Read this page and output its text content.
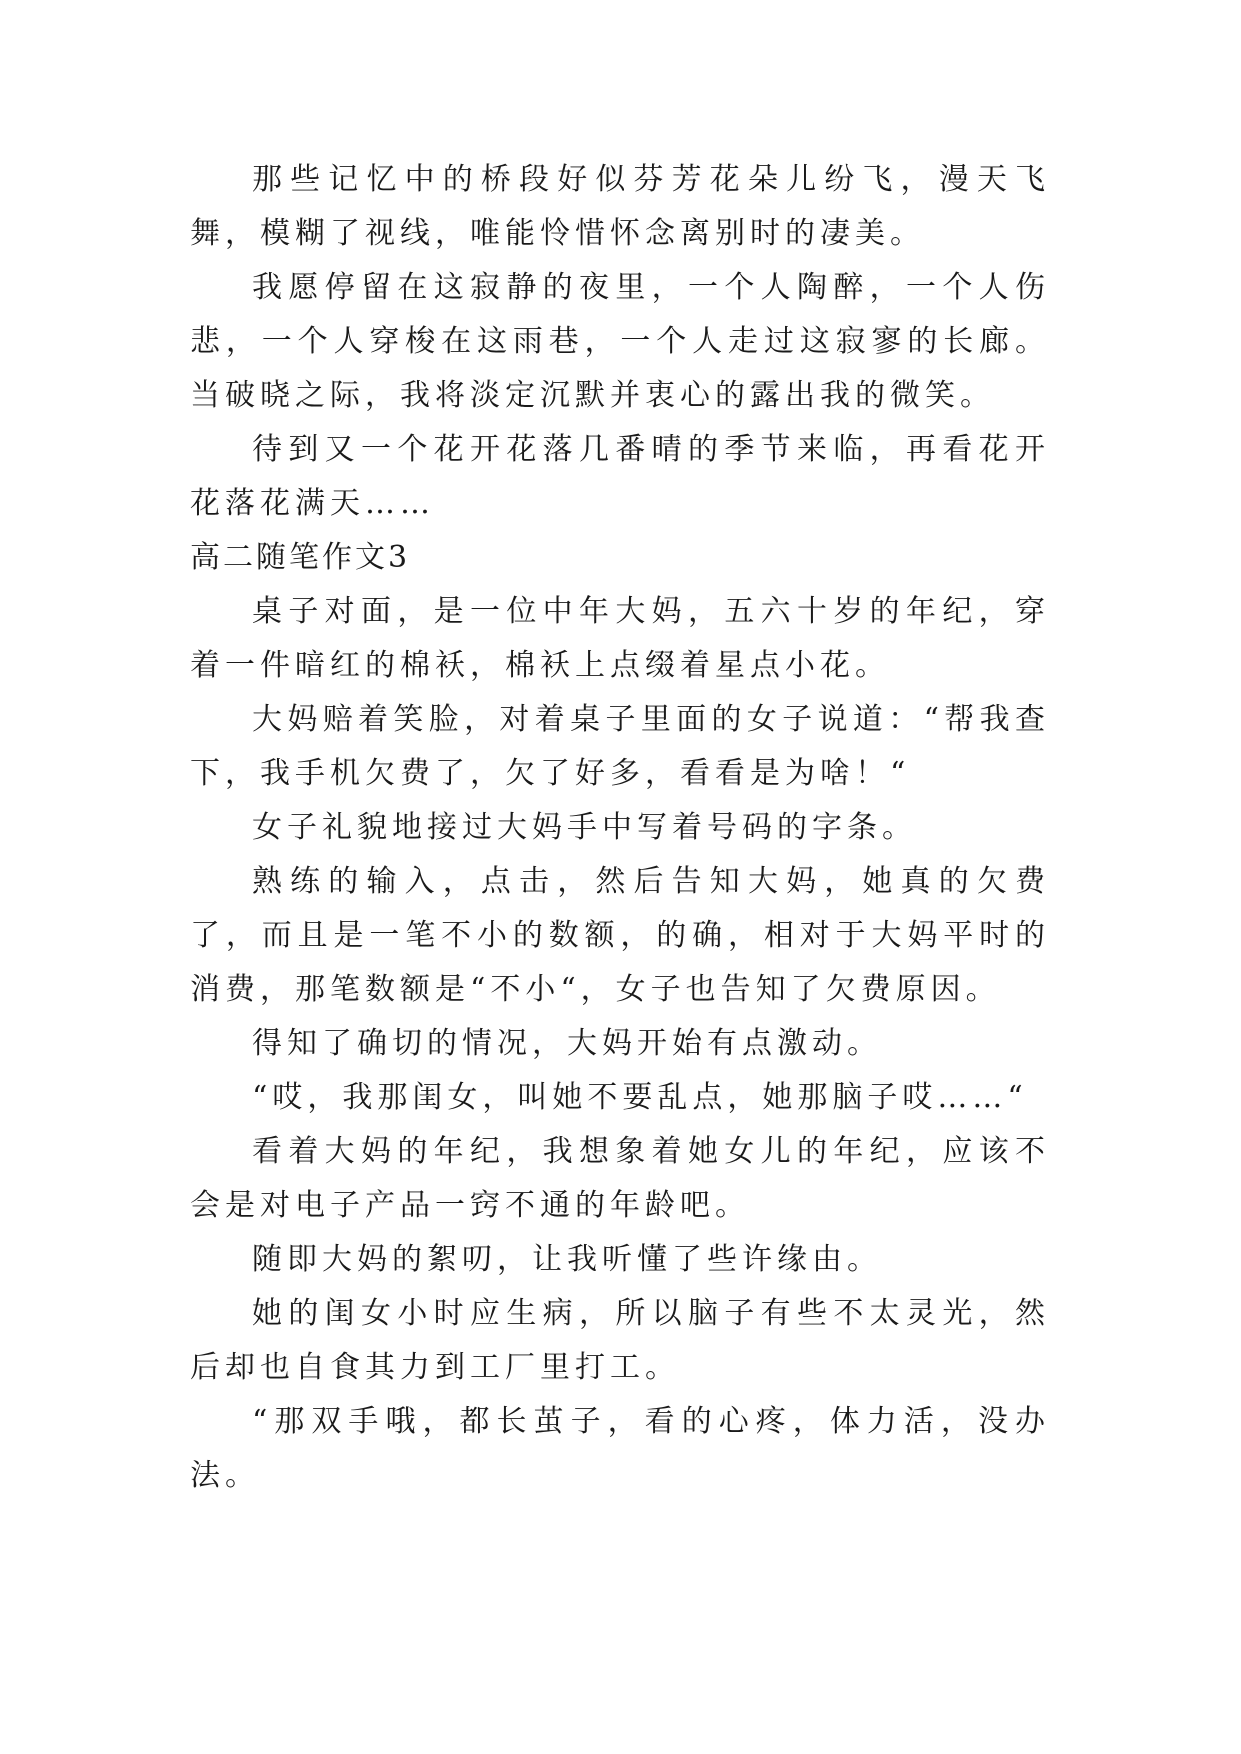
那些记忆中的桥段好似芬芳花朵儿纷飞，漫天飞舞，模糊了视线，唯能怜惜怀念离别时的凄美。

我愿停留在这寂静的夜里，一个人陶醉，一个人伤悲，一个人穿梭在这雨巷，一个人走过这寂寥的长廊。当破晓之际，我将淡定沉默并衷心的露出我的微笑。

待到又一个花开花落几番晴的季节来临，再看花开花落花满天……

高二随笔作文3

桌子对面，是一位中年大妈，五六十岁的年纪，穿着一件暗红的棉袄，棉袄上点缀着星点小花。

大妈赔着笑脸，对着桌子里面的女子说道：“帮我查下，我手机欠费了，欠了好多，看看是为啥！“

女子礼貌地接过大妈手中写着号码的字条。

熟练的输入，点击，然后告知大妈，她真的欠费了，而且是一笔不小的数额，的确，相对于大妈平时的消费，那笔数额是“不小“，女子也告知了欠费原因。

得知了确切的情况，大妈开始有点激动。

“哎，我那闺女，叫她不要乱点，她那脑子哎……“

看着大妈的年纪，我想象着她女儿的年纪，应该不会是对电子产品一窍不通的年龄吧。

随即大妈的絮叨，让我听懂了些许缘由。

她的闺女小时应生病，所以脑子有些不太灵光，然后却也自食其力到工厂里打工。

“那双手哦，都长茧子，看的心疼，体力活，没办法。
